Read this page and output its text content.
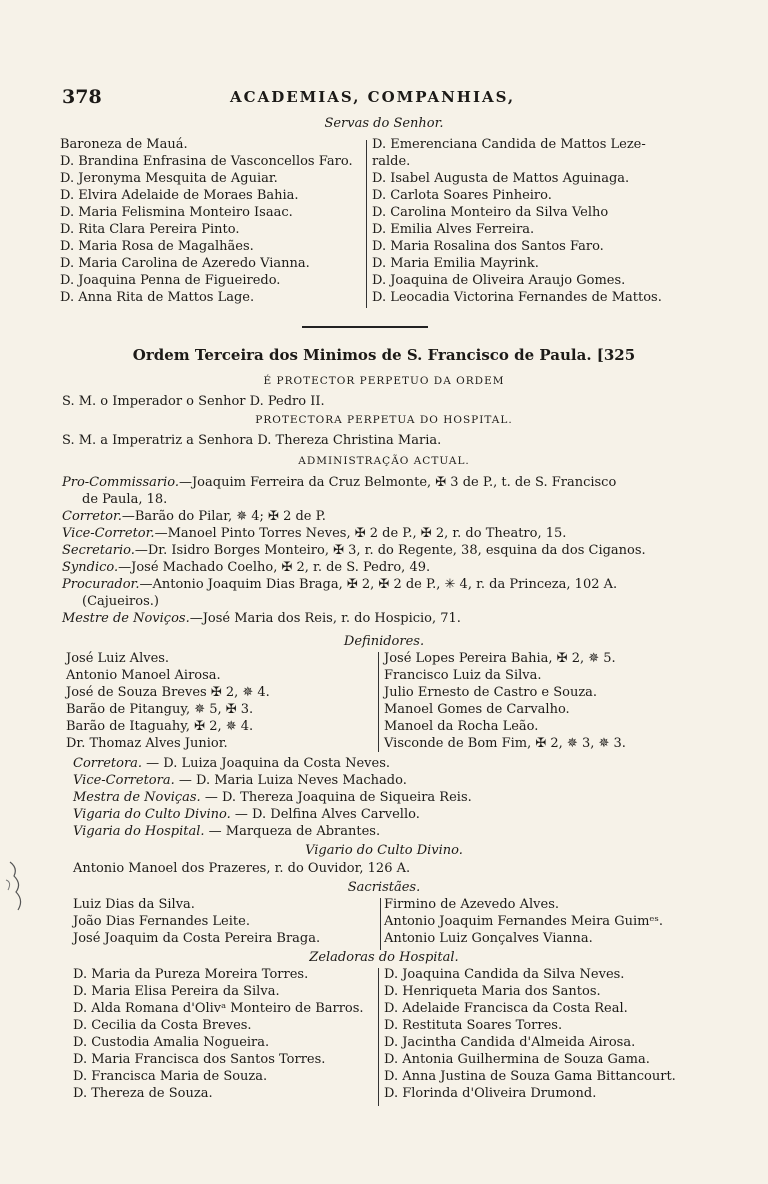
378	ACADEMIAS, COMPANHIAS,
Servas do Senhor.
Baroneza de Mauá.
D. Brandina Enfrasina de Vasconcellos Faro.
D. Jeronyma Mesquita de Aguiar.
D. Elvira Adelaide de Moraes Bahia.
D. Maria Felismina Monteiro Isaac.
D. Rita Clara Pereira Pinto.
D. Maria Rosa de Magalhães.
D. Maria Carolina de Azeredo Vianna.
D. Joaquina Penna de Figueiredo.
D. Anna Rita de Mattos Lage.
D. Emerenciana Candida de Mattos Leze-
ralde.
D. Isabel Augusta de Mattos Aguinaga.
D. Carlota Soares Pinheiro.
D. Carolina Monteiro da Silva Velho
D. Emilia Alves Ferreira.
D. Maria Rosalina dos Santos Faro.
D. Maria Emilia Mayrink.
D. Joaquina de Oliveira Araujo Gomes.
D. Leocadia Victorina Fernandes de Mattos.
Ordem Terceira dos Minimos de S. Francisco de Paula. [325
É PROTECTOR PERPETUO DA ORDEM
S. M. o Imperador o Senhor D. Pedro II.
PROTECTORA PERPETUA DO HOSPITAL.
S. M. a Imperatriz a Senhora D. Thereza Christina Maria.
ADMINISTRAÇÃO ACTUAL.
Pro-Commissario.—Joaquim Ferreira da Cruz Belmonte, ✠ 3 de P., t. de S. Francisco
de Paula, 18.
Corretor.—Barão do Pilar, ✵ 4; ✠ 2 de P.
Vice-Corretor.—Manoel Pinto Torres Neves, ✠ 2 de P., ✠ 2, r. do Theatro, 15.
Secretario.—Dr. Isidro Borges Monteiro, ✠ 3, r. do Regente, 38, esquina da dos Ciganos.
Syndico.—José Machado Coelho, ✠ 2, r. de S. Pedro, 49.
Procurador.—Antonio Joaquim Dias Braga, ✠ 2, ✠ 2 de P., ✳ 4, r. da Princeza, 102 A.
(Cajueiros.)
Mestre de Noviços.—José Maria dos Reis, r. do Hospicio, 71.
Definidores.
José Luiz Alves.
Antonio Manoel Airosa.
José de Souza Breves ✠ 2, ✵ 4.
Barão de Pitanguy, ✵ 5, ✠ 3.
Barão de Itaguahy, ✠ 2, ✵ 4.
Dr. Thomaz Alves Junior.
José Lopes Pereira Bahia, ✠ 2, ✵ 5.
Francisco Luiz da Silva.
Julio Ernesto de Castro e Souza.
Manoel Gomes de Carvalho.
Manoel da Rocha Leão.
Visconde de Bom Fim, ✠ 2, ✵ 3, ✵ 3.
Corretora. — D. Luiza Joaquina da Costa Neves.
Vice-Corretora. — D. Maria Luiza Neves Machado.
Mestra de Noviças. — D. Thereza Joaquina de Siqueira Reis.
Vigaria do Culto Divino. — D. Delfina Alves Carvello.
Vigaria do Hospital. — Marqueza de Abrantes.
Vigario do Culto Divino.
Antonio Manoel dos Prazeres, r. do Ouvidor, 126 A.
Sacristães.
Luiz Dias da Silva.
João Dias Fernandes Leite.
José Joaquim da Costa Pereira Braga.
Firmino de Azevedo Alves.
Antonio Joaquim Fernandes Meira Guimᵉˢ.
Antonio Luiz Gonçalves Vianna.
Zeladoras do Hospital.
D. Maria da Pureza Moreira Torres.
D. Maria Elisa Pereira da Silva.
D. Alda Romana d'Olivᵃ Monteiro de Barros.
D. Cecilia da Costa Breves.
D. Custodia Amalia Nogueira.
D. Maria Francisca dos Santos Torres.
D. Francisca Maria de Souza.
D. Thereza de Souza.
D. Joaquina Candida da Silva Neves.
D. Henriqueta Maria dos Santos.
D. Adelaide Francisca da Costa Real.
D. Restituta Soares Torres.
D. Jacintha Candida d'Almeida Airosa.
D. Antonia Guilhermina de Souza Gama.
D. Anna Justina de Souza Gama Bittancourt.
D. Florinda d'Oliveira Drumond.
